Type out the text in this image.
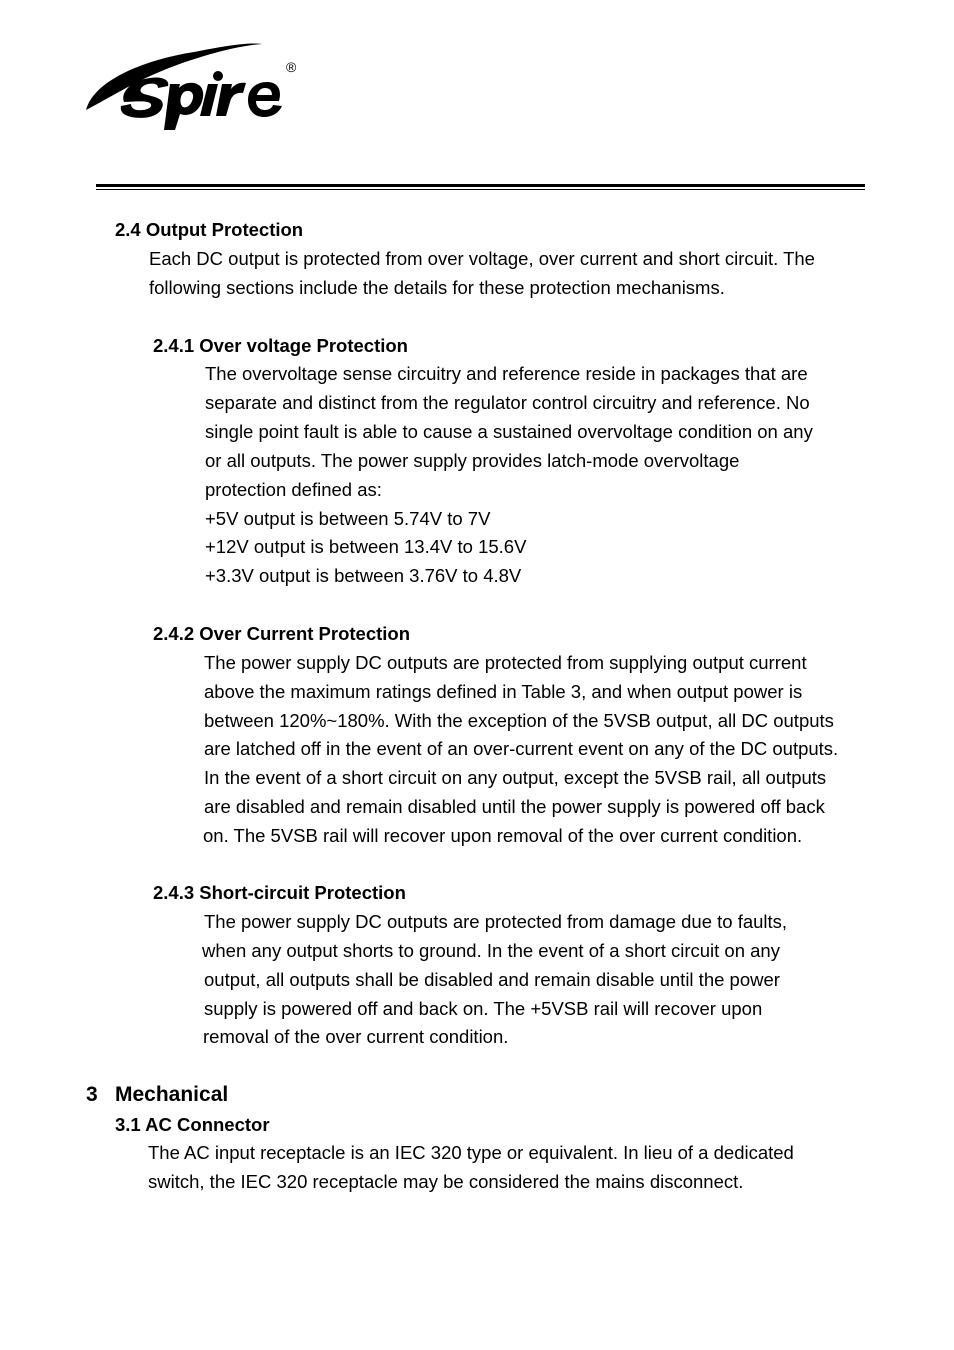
®
2.4 Output Protection
Each DC output is protected from over voltage, over current and short circuit. The
following sections include the details for these protection mechanisms.
2.4.1 Over voltage Protection
The overvoltage sense circuitry and reference reside in packages that are
separate and distinct from the regulator control circuitry and reference. No
single point fault is able to cause a sustained overvoltage condition on any
or all outputs. The power supply provides latch-mode overvoltage
protection defined as:
+5V output is between 5.74V to 7V
+12V output is between 13.4V to 15.6V
+3.3V output is between 3.76V to 4.8V
2.4.2 Over Current Protection
The power supply DC outputs are protected from supplying output current
above the maximum ratings defined in Table 3, and when output power is
between 120%~180%. With the exception of the 5VSB output, all DC outputs
are latched off in the event of an over-current event on any of the DC outputs.
In the event of a short circuit on any output, except the 5VSB rail, all outputs
are disabled and remain disabled until the power supply is powered off back
on. The 5VSB rail will recover upon removal of the over current condition.
2.4.3 Short-circuit Protection
The power supply DC outputs are protected from damage due to faults,
when any output shorts to ground. In the event of a short circuit on any
output, all outputs shall be disabled and remain disable until the power
supply is powered off and back on. The +5VSB rail will recover upon
removal of the over current condition.
3 Mechanical
3.1 AC Connector
The AC input receptacle is an IEC 320 type or equivalent. In lieu of a dedicated
switch, the IEC 320 receptacle may be considered the mains disconnect.
